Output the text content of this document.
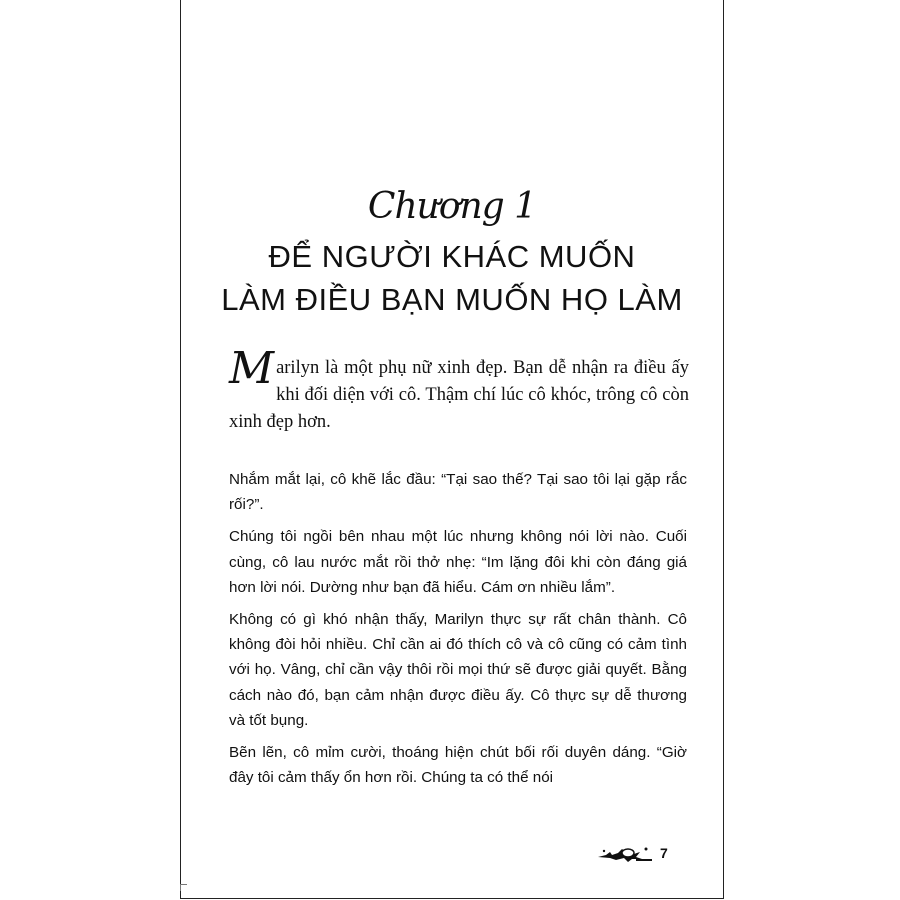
Chương 1
ĐỂ NGƯỜI KHÁC MUỐN
LÀM ĐIỀU BẠN MUỐN HỌ LÀM
Marilyn là một phụ nữ xinh đẹp. Bạn dễ nhận ra điều ấy khi đối diện với cô. Thậm chí lúc cô khóc, trông cô còn xinh đẹp hơn.

Nhắm mắt lại, cô khẽ lắc đầu: “Tại sao thế? Tại sao tôi lại gặp rắc rối?”.

Chúng tôi ngồi bên nhau một lúc nhưng không nói lời nào. Cuối cùng, cô lau nước mắt rồi thở nhẹ: “Im lặng đôi khi còn đáng giá hơn lời nói. Dường như bạn đã hiểu. Cám ơn nhiều lắm”.

Không có gì khó nhận thấy, Marilyn thực sự rất chân thành. Cô không đòi hỏi nhiều. Chỉ cần ai đó thích cô và cô cũng có cảm tình với họ. Vâng, chỉ cần vậy thôi rồi mọi thứ sẽ được giải quyết. Bằng cách nào đó, bạn cảm nhận được điều ấy. Cô thực sự dễ thương và tốt bụng.

Bẽn lẽn, cô mỉm cười, thoáng hiện chút bối rối duyên dáng. “Giờ đây tôi cảm thấy ổn hơn rồi. Chúng ta có thể nói

7
